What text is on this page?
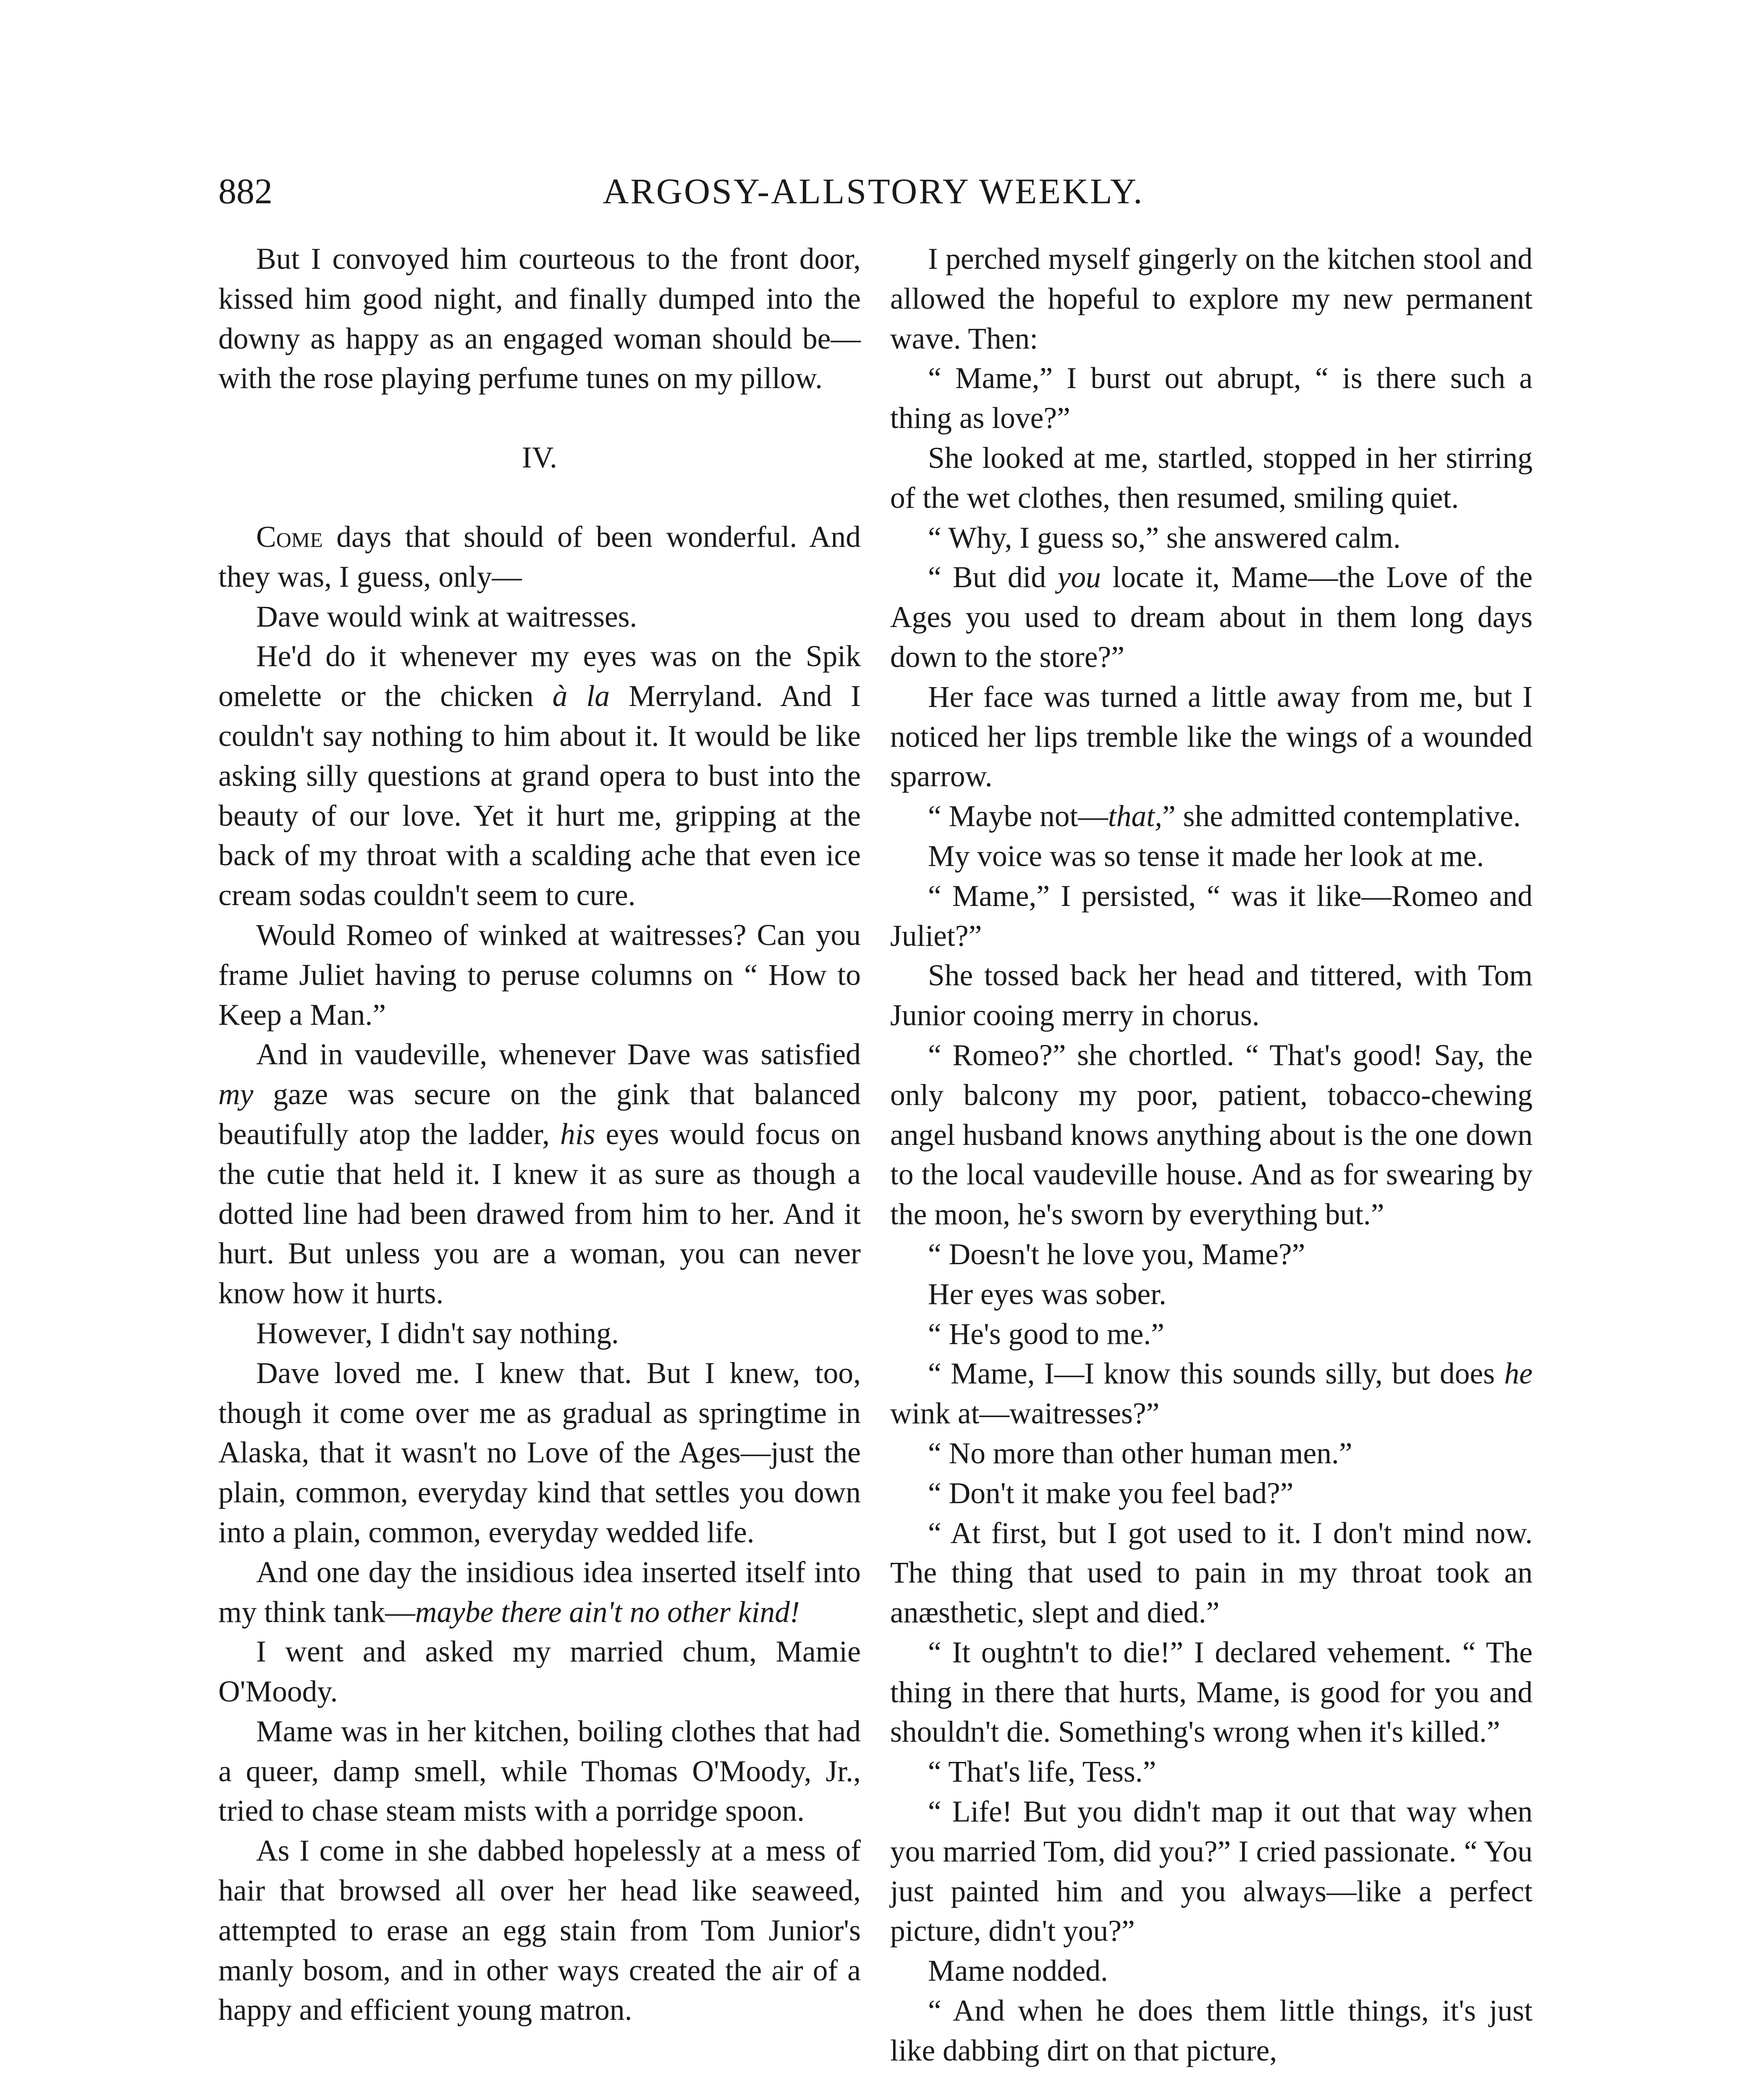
882	ARGOSY-ALLSTORY WEEKLY.

But I convoyed him courteous to the front door, kissed him good night, and finally dumped into the downy as happy as an engaged woman should be—with the rose playing perfume tunes on my pillow.

IV.

Come days that should of been wonderful. And they was, I guess, only—

Dave would wink at waitresses.

He'd do it whenever my eyes was on the Spik omelette or the chicken à la Merryland. And I couldn't say nothing to him about it. It would be like asking silly questions at grand opera to bust into the beauty of our love. Yet it hurt me, gripping at the back of my throat with a scalding ache that even ice cream sodas couldn't seem to cure.

Would Romeo of winked at waitresses? Can you frame Juliet having to peruse columns on “ How to Keep a Man.”

And in vaudeville, whenever Dave was satisfied my gaze was secure on the gink that balanced beautifully atop the ladder, his eyes would focus on the cutie that held it. I knew it as sure as though a dotted line had been drawed from him to her. And it hurt. But unless you are a woman, you can never know how it hurts.

However, I didn't say nothing.

Dave loved me. I knew that. But I knew, too, though it come over me as gradual as springtime in Alaska, that it wasn't no Love of the Ages—just the plain, common, everyday kind that settles you down into a plain, common, everyday wedded life.

And one day the insidious idea inserted itself into my think tank—maybe there ain't no other kind!

I went and asked my married chum, Mamie O'Moody.

Mame was in her kitchen, boiling clothes that had a queer, damp smell, while Thomas O'Moody, Jr., tried to chase steam mists with a porridge spoon.

As I come in she dabbed hopelessly at a mess of hair that browsed all over her head like seaweed, attempted to erase an egg stain from Tom Junior's manly bosom, and in other ways created the air of a happy and efficient young matron.

I perched myself gingerly on the kitchen stool and allowed the hopeful to explore my new permanent wave. Then:

“ Mame,” I burst out abrupt, “ is there such a thing as love?”

She looked at me, startled, stopped in her stirring of the wet clothes, then resumed, smiling quiet.

“ Why, I guess so,” she answered calm.

“ But did you locate it, Mame—the Love of the Ages you used to dream about in them long days down to the store?”

Her face was turned a little away from me, but I noticed her lips tremble like the wings of a wounded sparrow.

“ Maybe not—that,” she admitted contemplative.

My voice was so tense it made her look at me.

“ Mame,” I persisted, “ was it like—Romeo and Juliet?”

She tossed back her head and tittered, with Tom Junior cooing merry in chorus.

“ Romeo?” she chortled. “ That's good! Say, the only balcony my poor, patient, tobacco-chewing angel husband knows anything about is the one down to the local vaudeville house. And as for swearing by the moon, he's sworn by everything but.”

“ Doesn't he love you, Mame?”

Her eyes was sober.

“ He's good to me.”

“ Mame, I—I know this sounds silly, but does he wink at—waitresses?”

“ No more than other human men.”

“ Don't it make you feel bad?”

“ At first, but I got used to it. I don't mind now. The thing that used to pain in my throat took an anæsthetic, slept and died.”

“ It oughtn't to die!” I declared vehement. “ The thing in there that hurts, Mame, is good for you and shouldn't die. Something's wrong when it's killed.”

“ That's life, Tess.”

“ Life! But you didn't map it out that way when you married Tom, did you?” I cried passionate. “ You just painted him and you always—like a perfect picture, didn't you?”

Mame nodded.

“ And when he does them little things, it's just like dabbing dirt on that picture,
